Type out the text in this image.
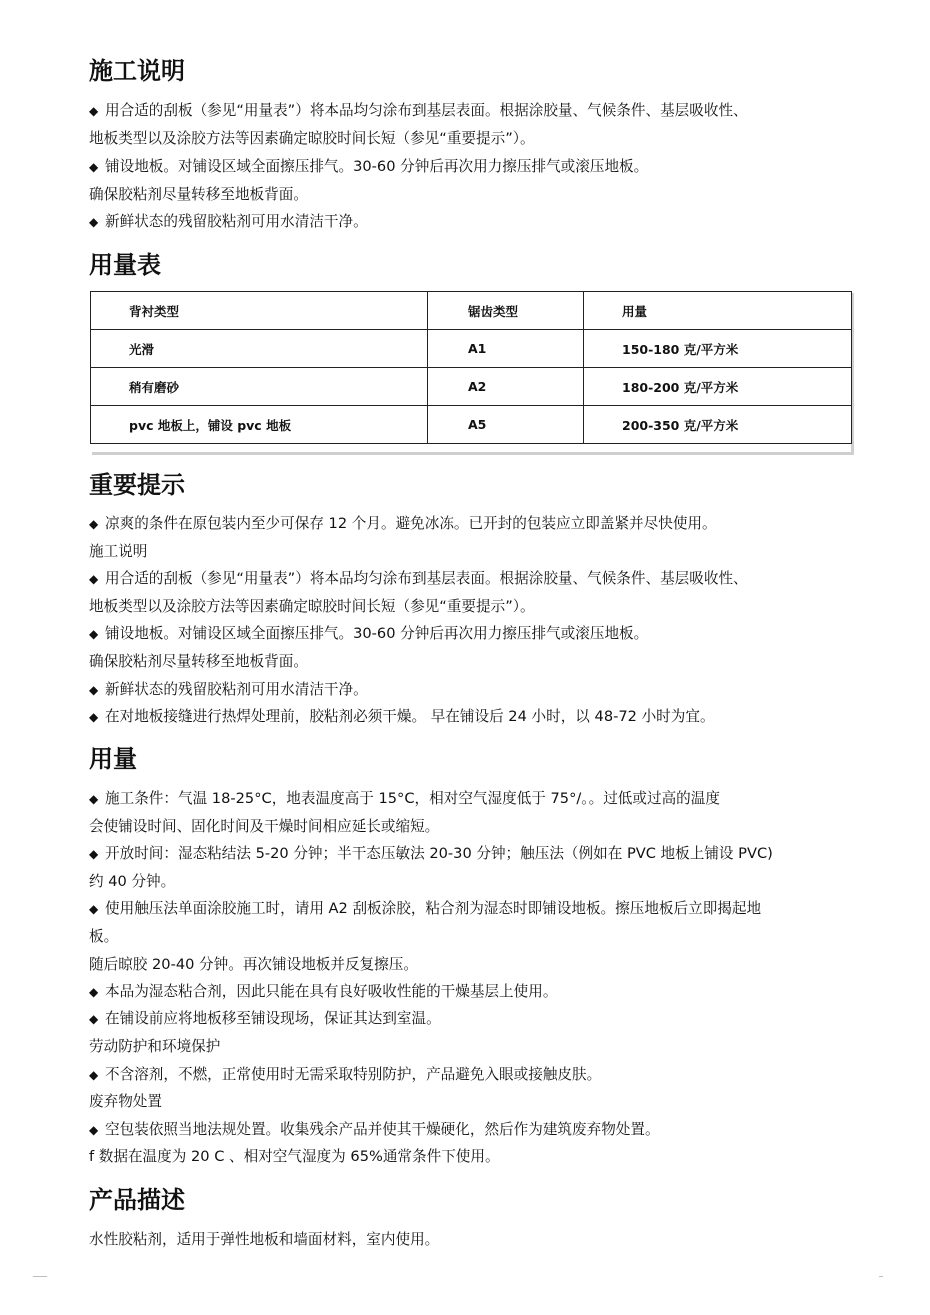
施工说明

◆ 用合适的刮板（参见“用量表”）将本品均匀涂布到基层表面。根据涂胶量、气候条件、基层吸收性、

地板类型以及涂胶方法等因素确定晾胶时间长短（参见“重要提示”）。

◆ 铺设地板。对铺设区域全面擦压排气。30-60 分钟后再次用力擦压排气或滚压地板。

确保胶粘剂尽量转移至地板背面。

◆ 新鲜状态的残留胶粘剂可用水清洁干净。

用量表
背衬类型	锯齿类型	用量
光滑	A1	150-180 克/平方米
稍有磨砂	A2	180-200 克/平方米
pvc 地板上，铺设 pvc 地板	A5	200-350 克/平方米
重要提示

◆ 凉爽的条件在原包装内至少可保存 12 个月。避免冰冻。已开封的包装应立即盖紧并尽快使用。

施工说明

◆ 用合适的刮板（参见“用量表”）将本品均匀涂布到基层表面。根据涂胶量、气候条件、基层吸收性、

地板类型以及涂胶方法等因素确定晾胶时间长短（参见“重要提示”）。

◆ 铺设地板。对铺设区域全面擦压排气。30-60 分钟后再次用力擦压排气或滚压地板。

确保胶粘剂尽量转移至地板背面。

◆ 新鲜状态的残留胶粘剂可用水清洁干净。

◆ 在对地板接缝进行热焊处理前，胶粘剂必须干燥。 早在铺设后 24 小时，以 48-72 小时为宜。

用量

◆ 施工条件：气温 18-25°C，地表温度高于 15°C，相对空气湿度低于 75°/。。过低或过高的温度

会使铺设时间、固化时间及干燥时间相应延长或缩短。

◆ 开放时间：湿态粘结法 5-20 分钟；半干态压敏法 20-30 分钟；触压法（例如在 PVC 地板上铺设 PVC)

约 40 分钟。

◆ 使用触压法单面涂胶施工时，请用 A2 刮板涂胶，粘合剂为湿态时即铺设地板。擦压地板后立即揭起地

板。

随后晾胶 20-40 分钟。再次铺设地板并反复擦压。

◆ 本品为湿态粘合剂，因此只能在具有良好吸收性能的干燥基层上使用。

◆ 在铺设前应将地板移至铺设现场，保证其达到室温。

劳动防护和环境保护

◆ 不含溶剂，不燃，正常使用时无需采取特别防护，产品避免入眼或接触皮肤。

废弃物处置

◆ 空包装依照当地法规处置。收集残余产品并使其干燥硬化，然后作为建筑废弃物处置。

f 数据在温度为 20 C 、相对空气湿度为 65%通常条件下使用。

产品描述

水性胶粘剂，适用于弹性地板和墙面材料，室内使用。
